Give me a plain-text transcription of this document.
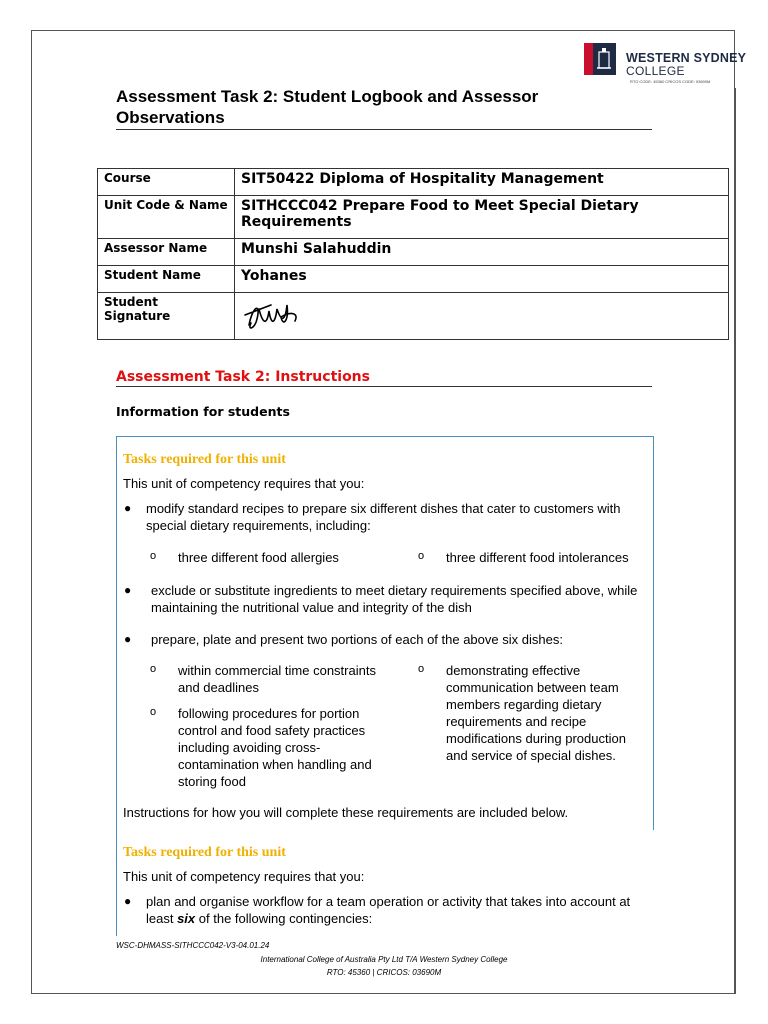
WESTERN SYDNEY
COLLEGE
RTO CODE: 45360 CRICOS CODE: 03690M
Assessment Task 2: Student Logbook and Assessor Observations
Course	SIT50422 Diploma of Hospitality Management
Unit Code & Name	SITHCCC042 Prepare Food to Meet Special Dietary Requirements
Assessor Name	Munshi Salahuddin
Student Name	Yohanes
Student Signature	
Assessment Task 2: Instructions
Information for students
Tasks required for this unit
This unit of competency requires that you:
● modify standard recipes to prepare six different dishes that cater to customers with special dietary requirements, including:
o three different food allergies	o three different food intolerances
● exclude or substitute ingredients to meet dietary requirements specified above, while maintaining the nutritional value and integrity of the dish
● prepare, plate and present two portions of each of the above six dishes:
o within commercial time constraints and deadlines
o following procedures for portion control and food safety practices including avoiding cross-contamination when handling and storing food
o demonstrating effective communication between team members regarding dietary requirements and recipe modifications during production and service of special dishes.
Instructions for how you will complete these requirements are included below.
Tasks required for this unit
This unit of competency requires that you:
● plan and organise workflow for a team operation or activity that takes into account at least six of the following contingencies:
WSC-DHMASS-SITHCCC042-V3-04.01.24
International College of Australia Pty Ltd T/A Western Sydney College
RTO: 45360 | CRICOS: 03690M
